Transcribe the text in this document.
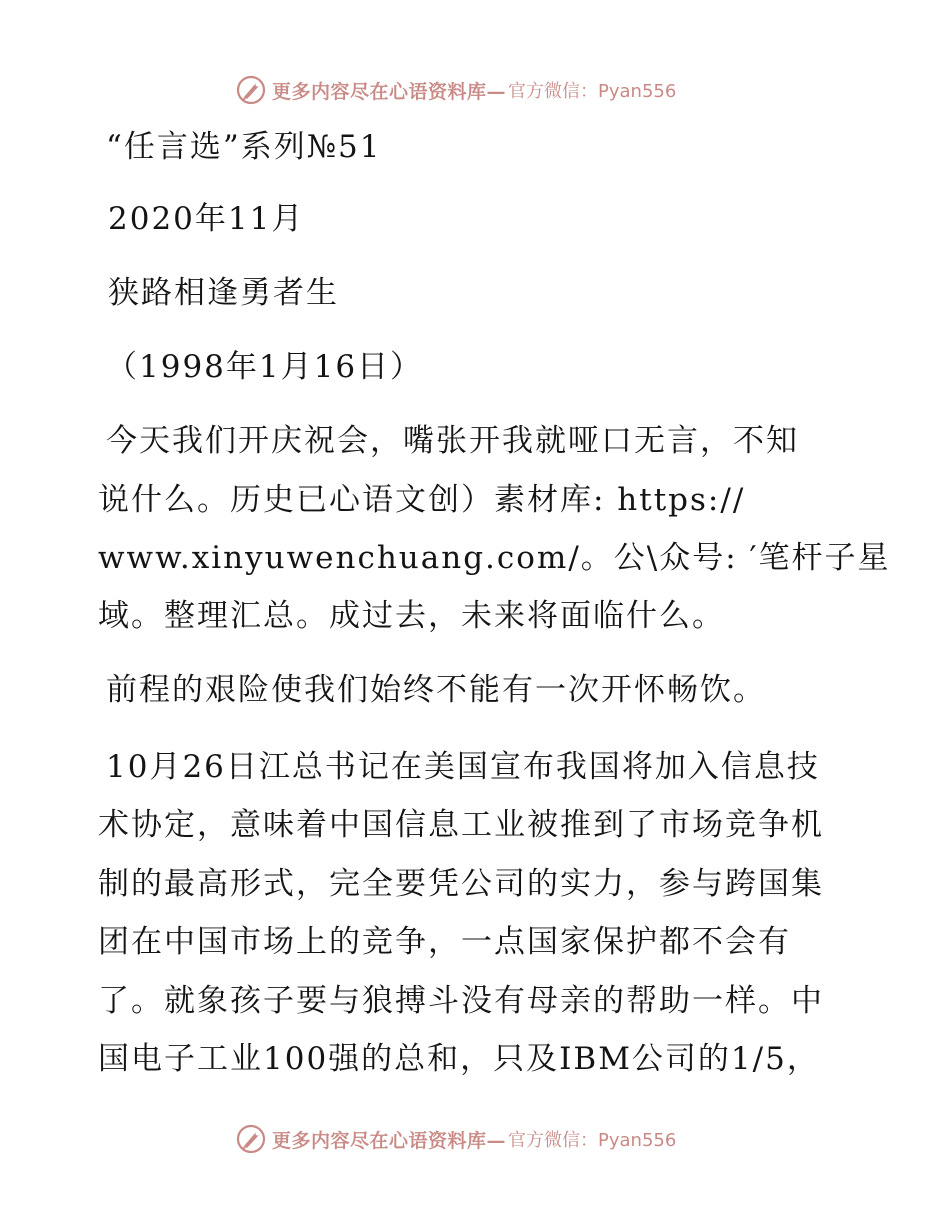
更多内容尽在心语资料库— 官方微信：Pyan556
“任言选”系列№51
2020年11月
狭路相逢勇者生
（1998年1月16日）
今天我们开庆祝会，嘴张开我就哑口无言，不知
说什么。历史已心语文创）素材库: https://
www.xinyuwenchuang.com/。公\众号: ′笔杆子星
域。整理汇总。成过去，未来将面临什么。
前程的艰险使我们始终不能有一次开怀畅饮。
10月26日江总书记在美国宣布我国将加入信息技
术协定，意味着中国信息工业被推到了市场竞争机
制的最高形式，完全要凭公司的实力，参与跨国集
团在中国市场上的竞争，一点国家保护都不会有
了。就象孩子要与狼搏斗没有母亲的帮助一样。中
国电子工业100强的总和，只及IBM公司的1/5，
更多内容尽在心语资料库— 官方微信：Pyan556
